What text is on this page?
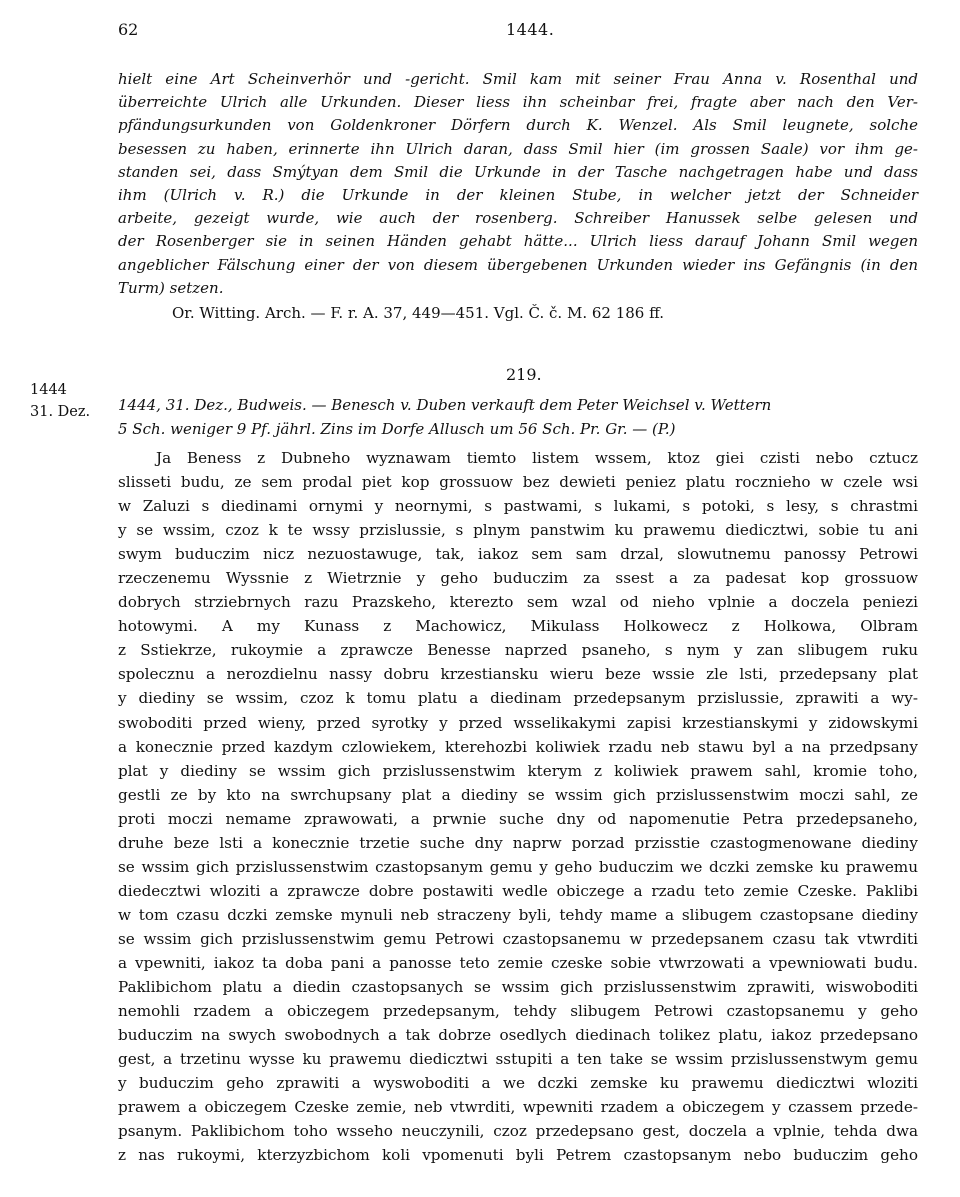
62	1444.
hielt eine Art Scheinverhör und -gericht. Smil kam mit seiner Frau Anna v. Rosenthal und
überreichte Ulrich alle Urkunden. Dieser liess ihn scheinbar frei, fragte aber nach den Ver-
pfändungsurkunden von Goldenkroner Dörfern durch K. Wenzel. Als Smil leugnete, solche
besessen zu haben, erinnerte ihn Ulrich daran, dass Smil hier (im grossen Saale) vor ihm ge-
standen sei, dass Smýtyan dem Smil die Urkunde in der Tasche nachgetragen habe und dass
ihm (Ulrich v. R.) die Urkunde in der kleinen Stube, in welcher jetzt der Schneider
arbeite, gezeigt wurde, wie auch der rosenberg. Schreiber Hanussek selbe gelesen und
der Rosenberger sie in seinen Händen gehabt hätte... Ulrich liess darauf Johann Smil wegen
angeblicher Fälschung einer der von diesem übergebenen Urkunden wieder ins Gefängnis (in den
Turm) setzen.
Or. Witting. Arch. — F. r. A. 37, 449—451. Vgl. Č. č. M. 62 186 ff.
219.
1444
31. Dez. 1444, 31. Dez., Budweis. — Benesch v. Duben verkauft dem Peter Weichsel v. Wettern
5 Sch. weniger 9 Pf. jährl. Zins im Dorfe Allusch um 56 Sch. Pr. Gr. — (P.)
Ja Beness z Dubneho wyznawam tiemto listem wssem, ktoz giei czisti nebo cztucz
slisseti budu, ze sem prodal piet kop grossuow bez dewieti peniez platu rocznieho w czele wsi
w Zaluzi s diedinami ornymi y neornymi, s pastwami, s lukami, s potoki, s lesy, s chrastmi
y se wssim, czoz k te wssy przislussie, s plnym panstwim ku prawemu diedicztwi, sobie tu ani
swym buduczim nicz nezuostawuge, tak, iakoz sem sam drzal, slowutnemu panossy Petrowi
rzeczenemu Wyssnie z Wietrznie y geho buduczim za ssest a za padesat kop grossuow
dobrych strziebrnych razu Prazskeho, kterezto sem wzal od nieho vplnie a doczela peniezi
hotowymi. A my Kunass z Machowicz, Mikulass Holkowecz z Holkowa, Olbram
z Sstiekrze, rukoymie a zprawcze Benesse naprzed psaneho, s nym y zan slibugem ruku
spolecznu a nerozdielnu nassy dobru krzestiansku wieru beze wssie zle lsti, przedepsany plat
y diediny se wssim, czoz k tomu platu a diedinam przedepsanym przislussie, zprawiti a wy-
swoboditi przed wieny, przed syrotky y przed wsselikakymi zapisi krzestianskymi y zidowskymi
a konecznie przed kazdym czlowiekem, kterehozbi koliwiek rzadu neb stawu byl a na przedpsany
plat y diediny se wssim gich przislussenstwim kterym z koliwiek prawem sahl, kromie toho,
gestli ze by kto na swrchupsany plat a diediny se wssim gich przislussenstwim moczi sahl, ze
proti moczi nemame zprawowati, a prwnie suche dny od napomenutie Petra przedepsaneho,
druhe beze lsti a konecznie trzetie suche dny naprw porzad przisstie czastogmenowane diediny
se wssim gich przislussenstwim czastopsanym gemu y geho buduczim we dczki zemske ku prawemu
diedecztwi wloziti a zprawcze dobre postawiti wedle obiczege a rzadu teto zemie Czeske. Paklibi
w tom czasu dczki zemske mynuli neb straczeny byli, tehdy mame a slibugem czastopsane diediny
se wssim gich przislussenstwim gemu Petrowi czastopsanemu w przedepsanem czasu tak vtwrditi
a vpewniti, iakoz ta doba pani a panosse teto zemie czeske sobie vtwrzowati a vpewniowati budu.
Paklibichom platu a diedin czastopsanych se wssim gich przislussenstwim zprawiti, wiswoboditi
nemohli rzadem a obiczegem przedepsanym, tehdy slibugem Petrowi czastopsanemu y geho
buduczim na swych swobodnych a tak dobrze osedlych diedinach tolikez platu, iakoz przedepsano
gest, a trzetinu wysse ku prawemu diedicztwi sstupiti a ten take se wssim przislussenstwym gemu
y buduczim geho zprawiti a wyswoboditi a we dczki zemske ku prawemu diedicztwi wloziti
prawem a obiczegem Czeske zemie, neb vtwrditi, wpewniti rzadem a obiczegem y czassem przede-
psanym. Paklibichom toho wsseho neuczynili, czoz przedepsano gest, doczela a vplnie, tehda dwa
z nas rukoymi, kterzyzbichom koli vpomenuti byli Petrem czastopsanym nebo buduczim geho
